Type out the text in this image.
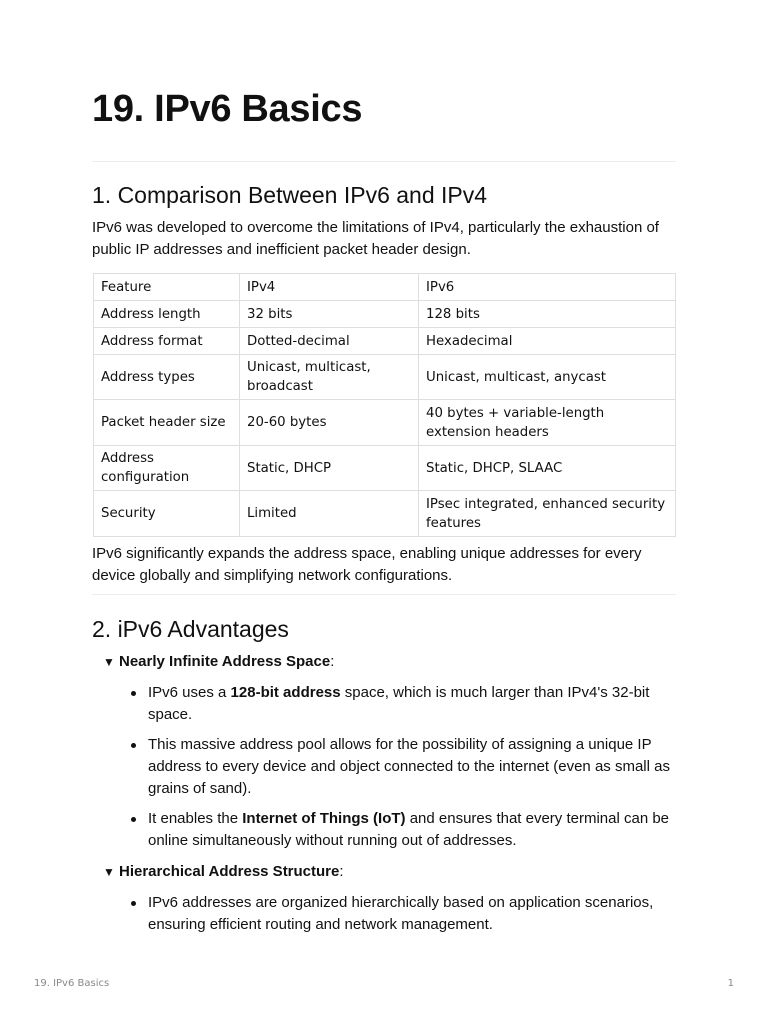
19. IPv6 Basics
1. Comparison Between IPv6 and IPv4

IPv6 was developed to overcome the limitations of IPv4, particularly the exhaustion of public IP addresses and inefficient packet header design.

Feature	IPv4	IPv6
Address length	32 bits	128 bits
Address format	Dotted-decimal	Hexadecimal
Address types	Unicast, multicast, broadcast	Unicast, multicast, anycast
Packet header size	20-60 bytes	40 bytes + variable-length extension headers
Address configuration	Static, DHCP	Static, DHCP, SLAAC
Security	Limited	IPsec integrated, enhanced security features

IPv6 significantly expands the address space, enabling unique addresses for every device globally and simplifying network configurations.

2. iPv6 Advantages

▼ Nearly Infinite Address Space:

IPv6 uses a 128-bit address space, which is much larger than IPv4's 32-bit space.
This massive address pool allows for the possibility of assigning a unique IP address to every device and object connected to the internet (even as small as grains of sand).
It enables the Internet of Things (IoT) and ensures that every terminal can be online simultaneously without running out of addresses.

▼ Hierarchical Address Structure:

IPv6 addresses are organized hierarchically based on application scenarios, ensuring efficient routing and network management.
19. IPv6 Basics	1
